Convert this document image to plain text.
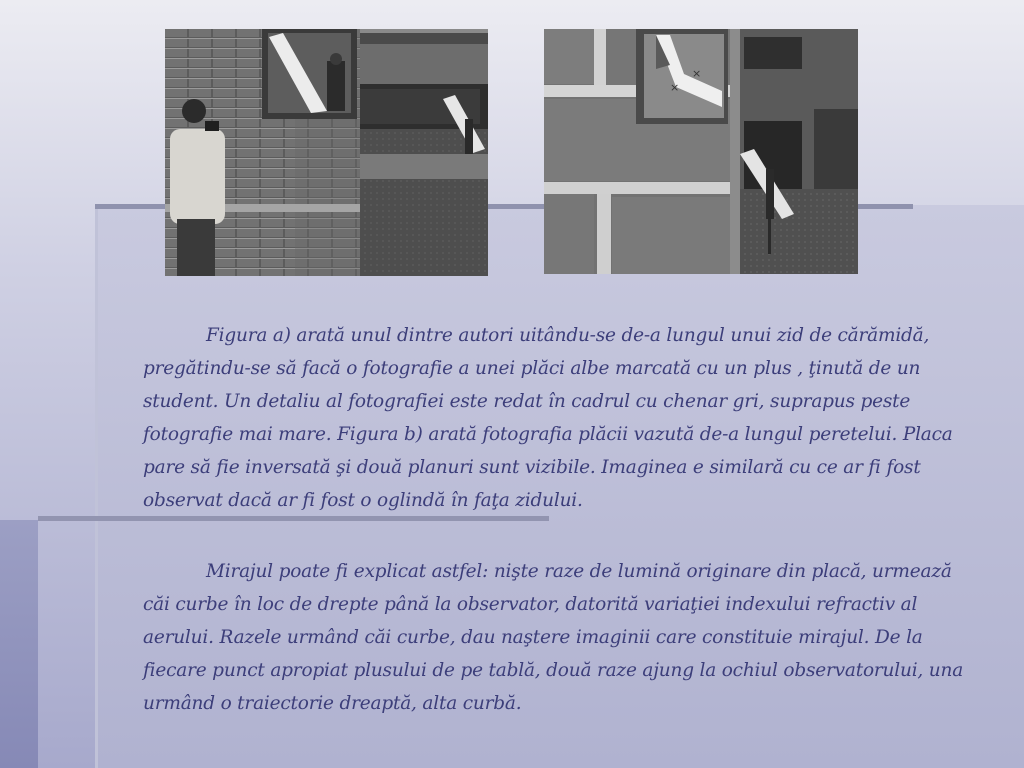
×
×

Figura a) arată unul dintre autori uitându-se de-a lungul unui zid de cărămidă, pregătindu-se să facă o fotografie a unei plăci albe marcată cu un plus , ţinută de un student. Un detaliu al fotografiei este redat în cadrul cu chenar gri, suprapus peste fotografie mai mare. Figura b) arată fotografia plăcii vazută de-a lungul peretelui. Placa pare să fie inversată şi două planuri sunt vizibile. Imaginea e similară cu ce ar fi fost observat dacă ar fi fost o oglindă în faţa zidului.

Mirajul poate fi explicat astfel: nişte raze de lumină originare din placă, urmează căi curbe în loc de drepte până la observator, datorită variaţiei indexului refractiv al aerului. Razele urmând căi curbe, dau naştere imaginii care constituie mirajul. De la fiecare punct apropiat plusului de pe tablă, două raze ajung la ochiul observatorului, una urmând o traiectorie dreaptă, alta curbă.
